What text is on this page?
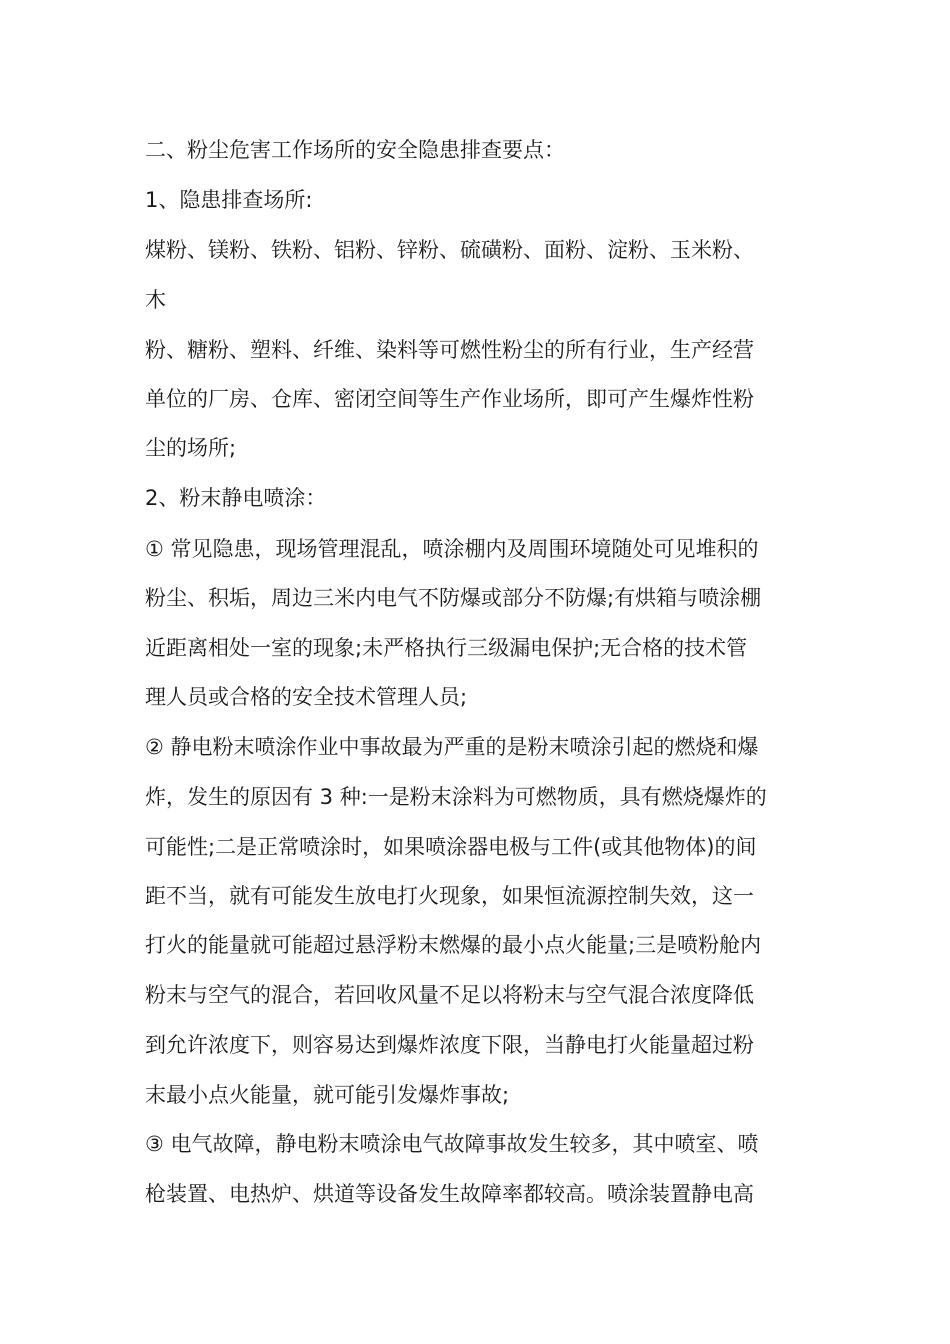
二、粉尘危害工作场所的安全隐患排查要点：
1、隐患排查场所:
煤粉、镁粉、铁粉、铝粉、锌粉、硫磺粉、面粉、淀粉、玉米粉、
木
粉、糖粉、塑料、纤维、染料等可燃性粉尘的所有行业，生产经营
单位的厂房、仓库、密闭空间等生产作业场所，即可产生爆炸性粉
尘的场所;
2、粉末静电喷涂：
① 常见隐患，现场管理混乱，喷涂棚内及周围环境随处可见堆积的
粉尘、积垢，周边三米内电气不防爆或部分不防爆;有烘箱与喷涂棚
近距离相处一室的现象;未严格执行三级漏电保护;无合格的技术管
理人员或合格的安全技术管理人员;
② 静电粉末喷涂作业中事故最为严重的是粉末喷涂引起的燃烧和爆
炸，发生的原因有 3 种:一是粉末涂料为可燃物质，具有燃烧爆炸的
可能性;二是正常喷涂时，如果喷涂器电极与工件(或其他物体)的间
距不当，就有可能发生放电打火现象，如果恒流源控制失效，这一
打火的能量就可能超过悬浮粉末燃爆的最小点火能量;三是喷粉舱内
粉末与空气的混合，若回收风量不足以将粉末与空气混合浓度降低
到允许浓度下，则容易达到爆炸浓度下限，当静电打火能量超过粉
末最小点火能量，就可能引发爆炸事故;
③ 电气故障，静电粉末喷涂电气故障事故发生较多，其中喷室、喷
枪装置、电热炉、烘道等设备发生故障率都较高。喷涂装置静电高
